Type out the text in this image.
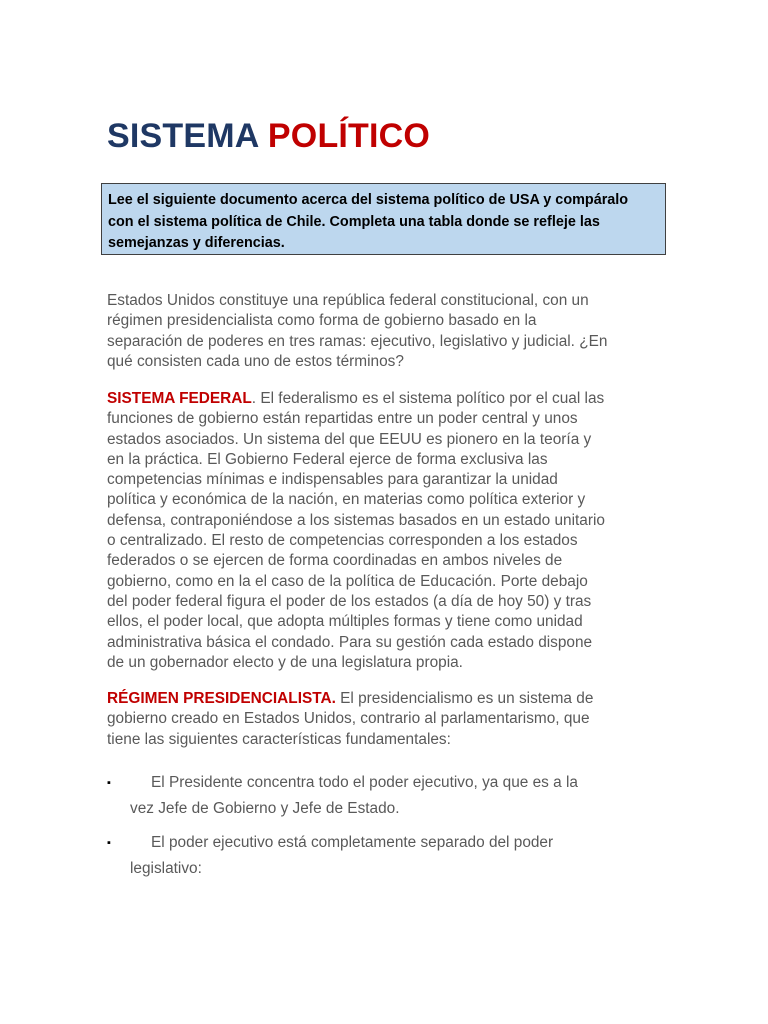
SISTEMA POLÍTICO
Lee el siguiente documento acerca del sistema político de USA y compáralo
con el sistema política de Chile. Completa una tabla donde se refleje las
semejanzas y diferencias.
Estados Unidos constituye una república federal constitucional, con un
régimen presidencialista como forma de gobierno basado en la
separación de poderes en tres ramas: ejecutivo, legislativo y judicial. ¿En
qué consisten cada uno de estos términos?
SISTEMA FEDERAL. El federalismo es el sistema político por el cual las
funciones de gobierno están repartidas entre un poder central y unos
estados asociados. Un sistema del que EEUU es pionero en la teoría y
en la práctica. El Gobierno Federal ejerce de forma exclusiva las
competencias mínimas e indispensables para garantizar la unidad
política y económica de la nación, en materias como política exterior y
defensa, contraponiéndose a los sistemas basados en un estado unitario
o centralizado. El resto de competencias corresponden a los estados
federados o se ejercen de forma coordinadas en ambos niveles de
gobierno, como en la el caso de la política de Educación. Porte debajo
del poder federal figura el poder de los estados (a día de hoy 50) y tras
ellos, el poder local, que adopta múltiples formas y tiene como unidad
administrativa básica el condado. Para su gestión cada estado dispone
de un gobernador electo y de una legislatura propia.
RÉGIMEN PRESIDENCIALISTA. El presidencialismo es un sistema de
gobierno creado en Estados Unidos, contrario al parlamentarismo, que
tiene las siguientes características fundamentales:
▪	El Presidente concentra todo el poder ejecutivo, ya que es a la
vez Jefe de Gobierno y Jefe de Estado.
▪	El poder ejecutivo está completamente separado del poder
legislativo:
